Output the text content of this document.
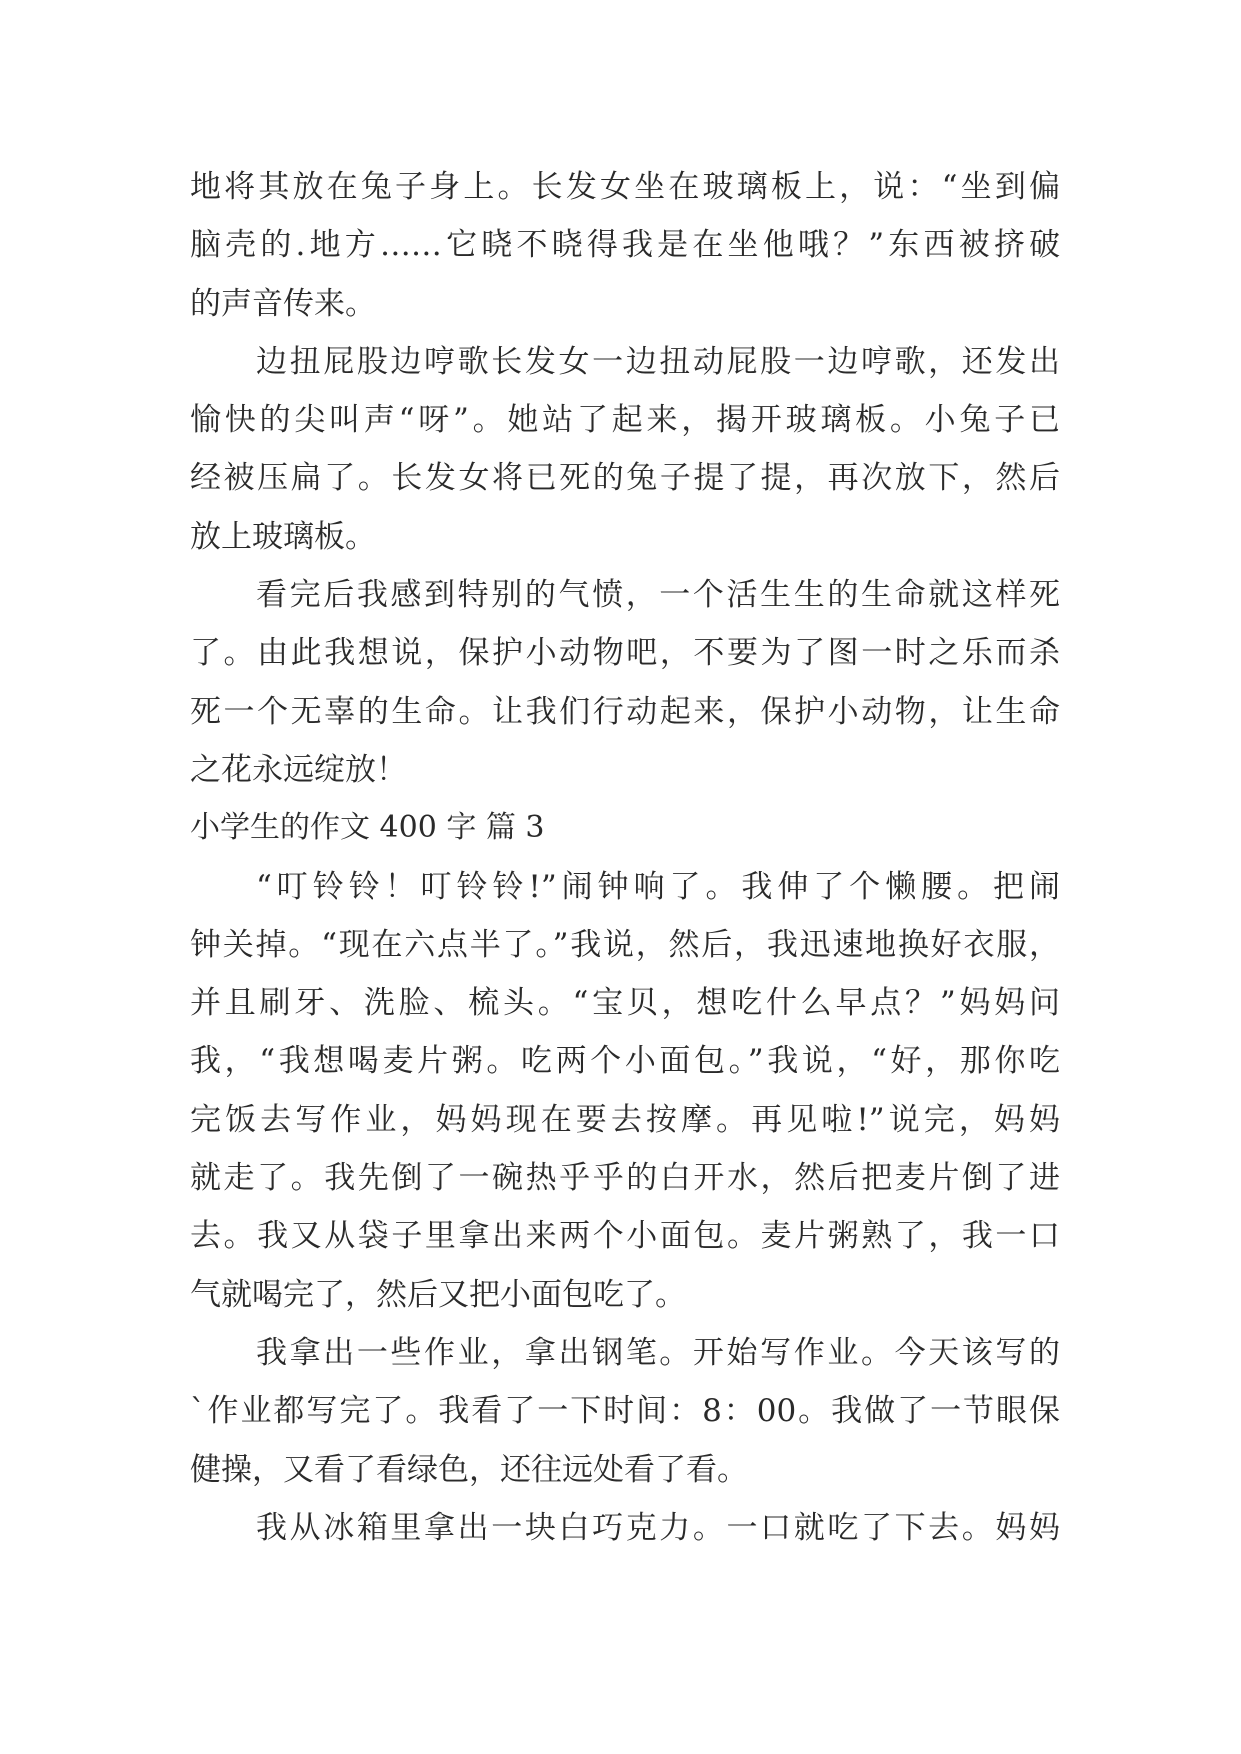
地将其放在兔子身上。长发女坐在玻璃板上，说：“坐到偏
脑壳的.地方……它晓不晓得我是在坐他哦？”东西被挤破
的声音传来。
边扭屁股边哼歌长发女一边扭动屁股一边哼歌，还发出
愉快的尖叫声“呀”。她站了起来，揭开玻璃板。小兔子已
经被压扁了。长发女将已死的兔子提了提，再次放下，然后
放上玻璃板。
看完后我感到特别的气愤，一个活生生的生命就这样死
了。由此我想说，保护小动物吧，不要为了图一时之乐而杀
死一个无辜的生命。让我们行动起来，保护小动物，让生命
之花永远绽放！
小学生的作文 400 字 篇 3
“叮铃铃！叮铃铃!”闹钟响了。我伸了个懒腰。把闹
钟关掉。“现在六点半了。”我说，然后，我迅速地换好衣服，
并且刷牙、洗脸、梳头。“宝贝，想吃什么早点？”妈妈问
我，“我想喝麦片粥。吃两个小面包。”我说，“好，那你吃
完饭去写作业，妈妈现在要去按摩。再见啦!”说完，妈妈
就走了。我先倒了一碗热乎乎的白开水，然后把麦片倒了进
去。我又从袋子里拿出来两个小面包。麦片粥熟了，我一口
气就喝完了，然后又把小面包吃了。
我拿出一些作业，拿出钢笔。开始写作业。今天该写的
`作业都写完了。我看了一下时间：8：00。我做了一节眼保
健操，又看了看绿色，还往远处看了看。
我从冰箱里拿出一块白巧克力。一口就吃了下去。妈妈
